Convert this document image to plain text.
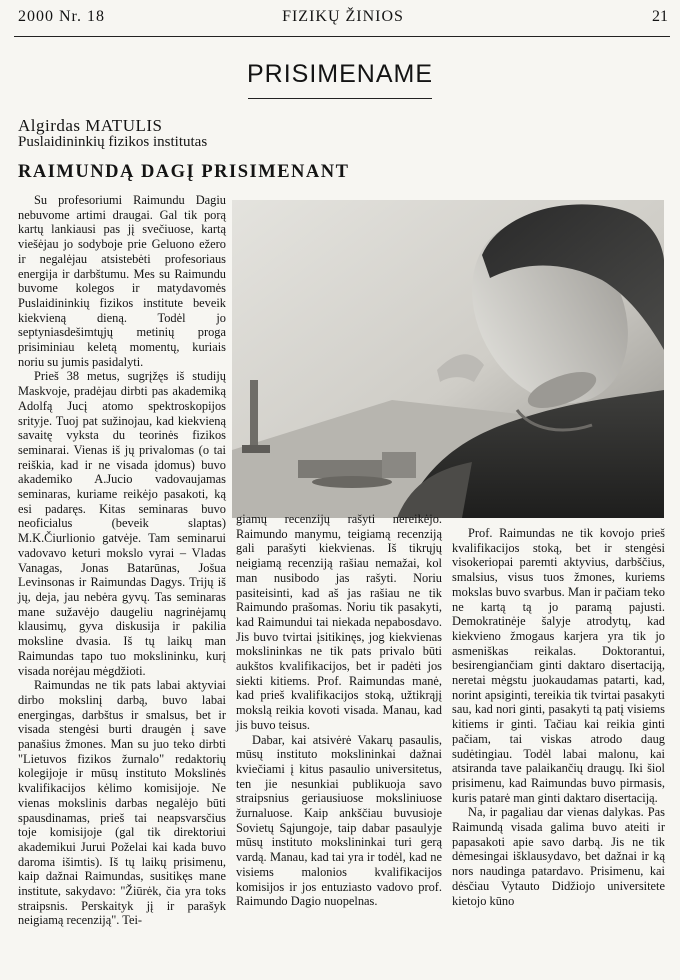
2000 Nr. 18	FIZIKŲ ŽINIOS	21
PRISIMENAME
Algirdas MATULIS
Puslaidininkių fizikos institutas
RAIMUNDĄ DAGĮ PRISIMENANT

Su profesoriumi Raimundu Dagiu nebuvome artimi draugai. Gal tik porą kartų lankiausi pas jį svečiuose, kartą viešėjau jo sodyboje prie Geluono ežero ir negalėjau atsistebėti profesoriaus energija ir darbštumu. Mes su Raimundu buvome kolegos ir matydavomės Puslaidininkių fizikos institute beveik kiekvieną dieną. Todėl jo septyniasdešimtųjų metinių proga prisiminiau keletą momentų, kuriais noriu su jumis pasidalyti.

Prieš 38 metus, sugrįžęs iš studijų Maskvoje, pradėjau dirbti pas akademiką Adolfą Jucį atomo spektroskopijos srityje. Tuoj pat sužinojau, kad kiekvieną savaitę vyksta du teorinės fizikos seminarai. Vienas iš jų privalomas (o tai reiškia, kad ir ne visada įdomus) buvo akademiko A.Jucio vadovaujamas seminaras, kuriame reikėjo pasakoti, ką esi padaręs. Kitas seminaras buvo neoficialus (beveik slaptas) M.K.Čiurlionio gatvėje. Tam seminarui vadovavo keturi mokslo vyrai – Vladas Vanagas, Jonas Batarūnas, Jošua Levinsonas ir Raimundas Dagys. Trijų iš jų, deja, jau nebėra gyvų. Tas seminaras mane sužavėjo daugeliu nagrinėjamų klausimų, gyva diskusija ir pakilia moksline dvasia. Iš tų laikų man Raimundas tapo tuo mokslininku, kurį visada norėjau mėgdžioti.

Raimundas ne tik pats labai aktyviai dirbo mokslinį darbą, buvo labai energingas, darbštus ir smalsus, bet ir visada stengėsi burti draugėn į save panašius žmones. Man su juo teko dirbti "Lietuvos fizikos žurnalo" redaktorių kolegijoje ir mūsų instituto Mokslinės kvalifikacijos kėlimo komisijoje. Ne vienas mokslinis darbas negalėjo būti spausdinamas, prieš tai neapsvarsčius toje komisijoje (gal tik direktoriui akademikui Jurui Poželai kai kada buvo daroma išimtis). Iš tų laikų prisimenu, kaip dažnai Raimundas, susitikęs mane institute, sakydavo: "Žiūrėk, čia yra toks straipsnis. Perskaityk jį ir parašyk neigiamą recenziją". Tei-

giamų recenzijų rašyti nereikėjo. Raimundo manymu, teigiamą recenziją gali parašyti kiekvienas. Iš tikrųjų neigiamą recenziją rašiau nemažai, kol man nusibodo jas rašyti. Noriu pasiteisinti, kad aš jas rašiau ne tik Raimundo prašomas. Noriu tik pasakyti, kad Raimundui tai niekada nepabosdavo. Jis buvo tvirtai įsitikinęs, jog kiekvienas mokslininkas ne tik pats privalo būti aukštos kvalifikacijos, bet ir padėti jos siekti kitiems. Prof. Raimundas manė, kad prieš kvalifikacijos stoką, užtikrąjį mokslą reikia kovoti visada. Manau, kad jis buvo teisus.

Dabar, kai atsivėrė Vakarų pasaulis, mūsų instituto mokslininkai dažnai kviečiami į kitus pasaulio universitetus, ten jie nesunkiai publikuoja savo straipsnius geriausiuose moksliniuose žurnaluose. Kaip ankščiau buvusioje Sovietų Sąjungoje, taip dabar pasaulyje mūsų instituto mokslininkai turi gerą vardą. Manau, kad tai yra ir todėl, kad ne visiems malonios kvalifikacijos komisijos ir jos entuziasto vadovo prof. Raimundo Dagio nuopelnas.

Prof. Raimundas ne tik kovojo prieš kvalifikacijos stoką, bet ir stengėsi visokeriopai paremti aktyvius, darbščius, smalsius, visus tuos žmones, kuriems mokslas buvo svarbus. Man ir pačiam teko ne kartą tą jo paramą pajusti. Demokratinėje šalyje atrodytų, kad kiekvieno žmogaus karjera yra tik jo asmeniškas reikalas. Doktorantui, besirengiančiam ginti daktaro disertaciją, neretai mėgstu juokaudamas patarti, kad, norint apsiginti, tereikia tik tvirtai pasakyti sau, kad nori ginti, pasakyti tą patį visiems kitiems ir ginti. Tačiau kai reikia ginti pačiam, tai viskas atrodo daug sudėtingiau. Todėl labai malonu, kai atsiranda tave palaikančių draugų. Iki šiol prisimenu, kad Raimundas buvo pirmasis, kuris patarė man ginti daktaro disertaciją.

Na, ir pagaliau dar vienas dalykas. Pas Raimundą visada galima buvo ateiti ir papasakoti apie savo darbą. Jis ne tik dėmesingai išklausydavo, bet dažnai ir ką nors naudinga patardavo. Prisimenu, kai dėsčiau Vytauto Didžiojo universitete kietojo kūno
